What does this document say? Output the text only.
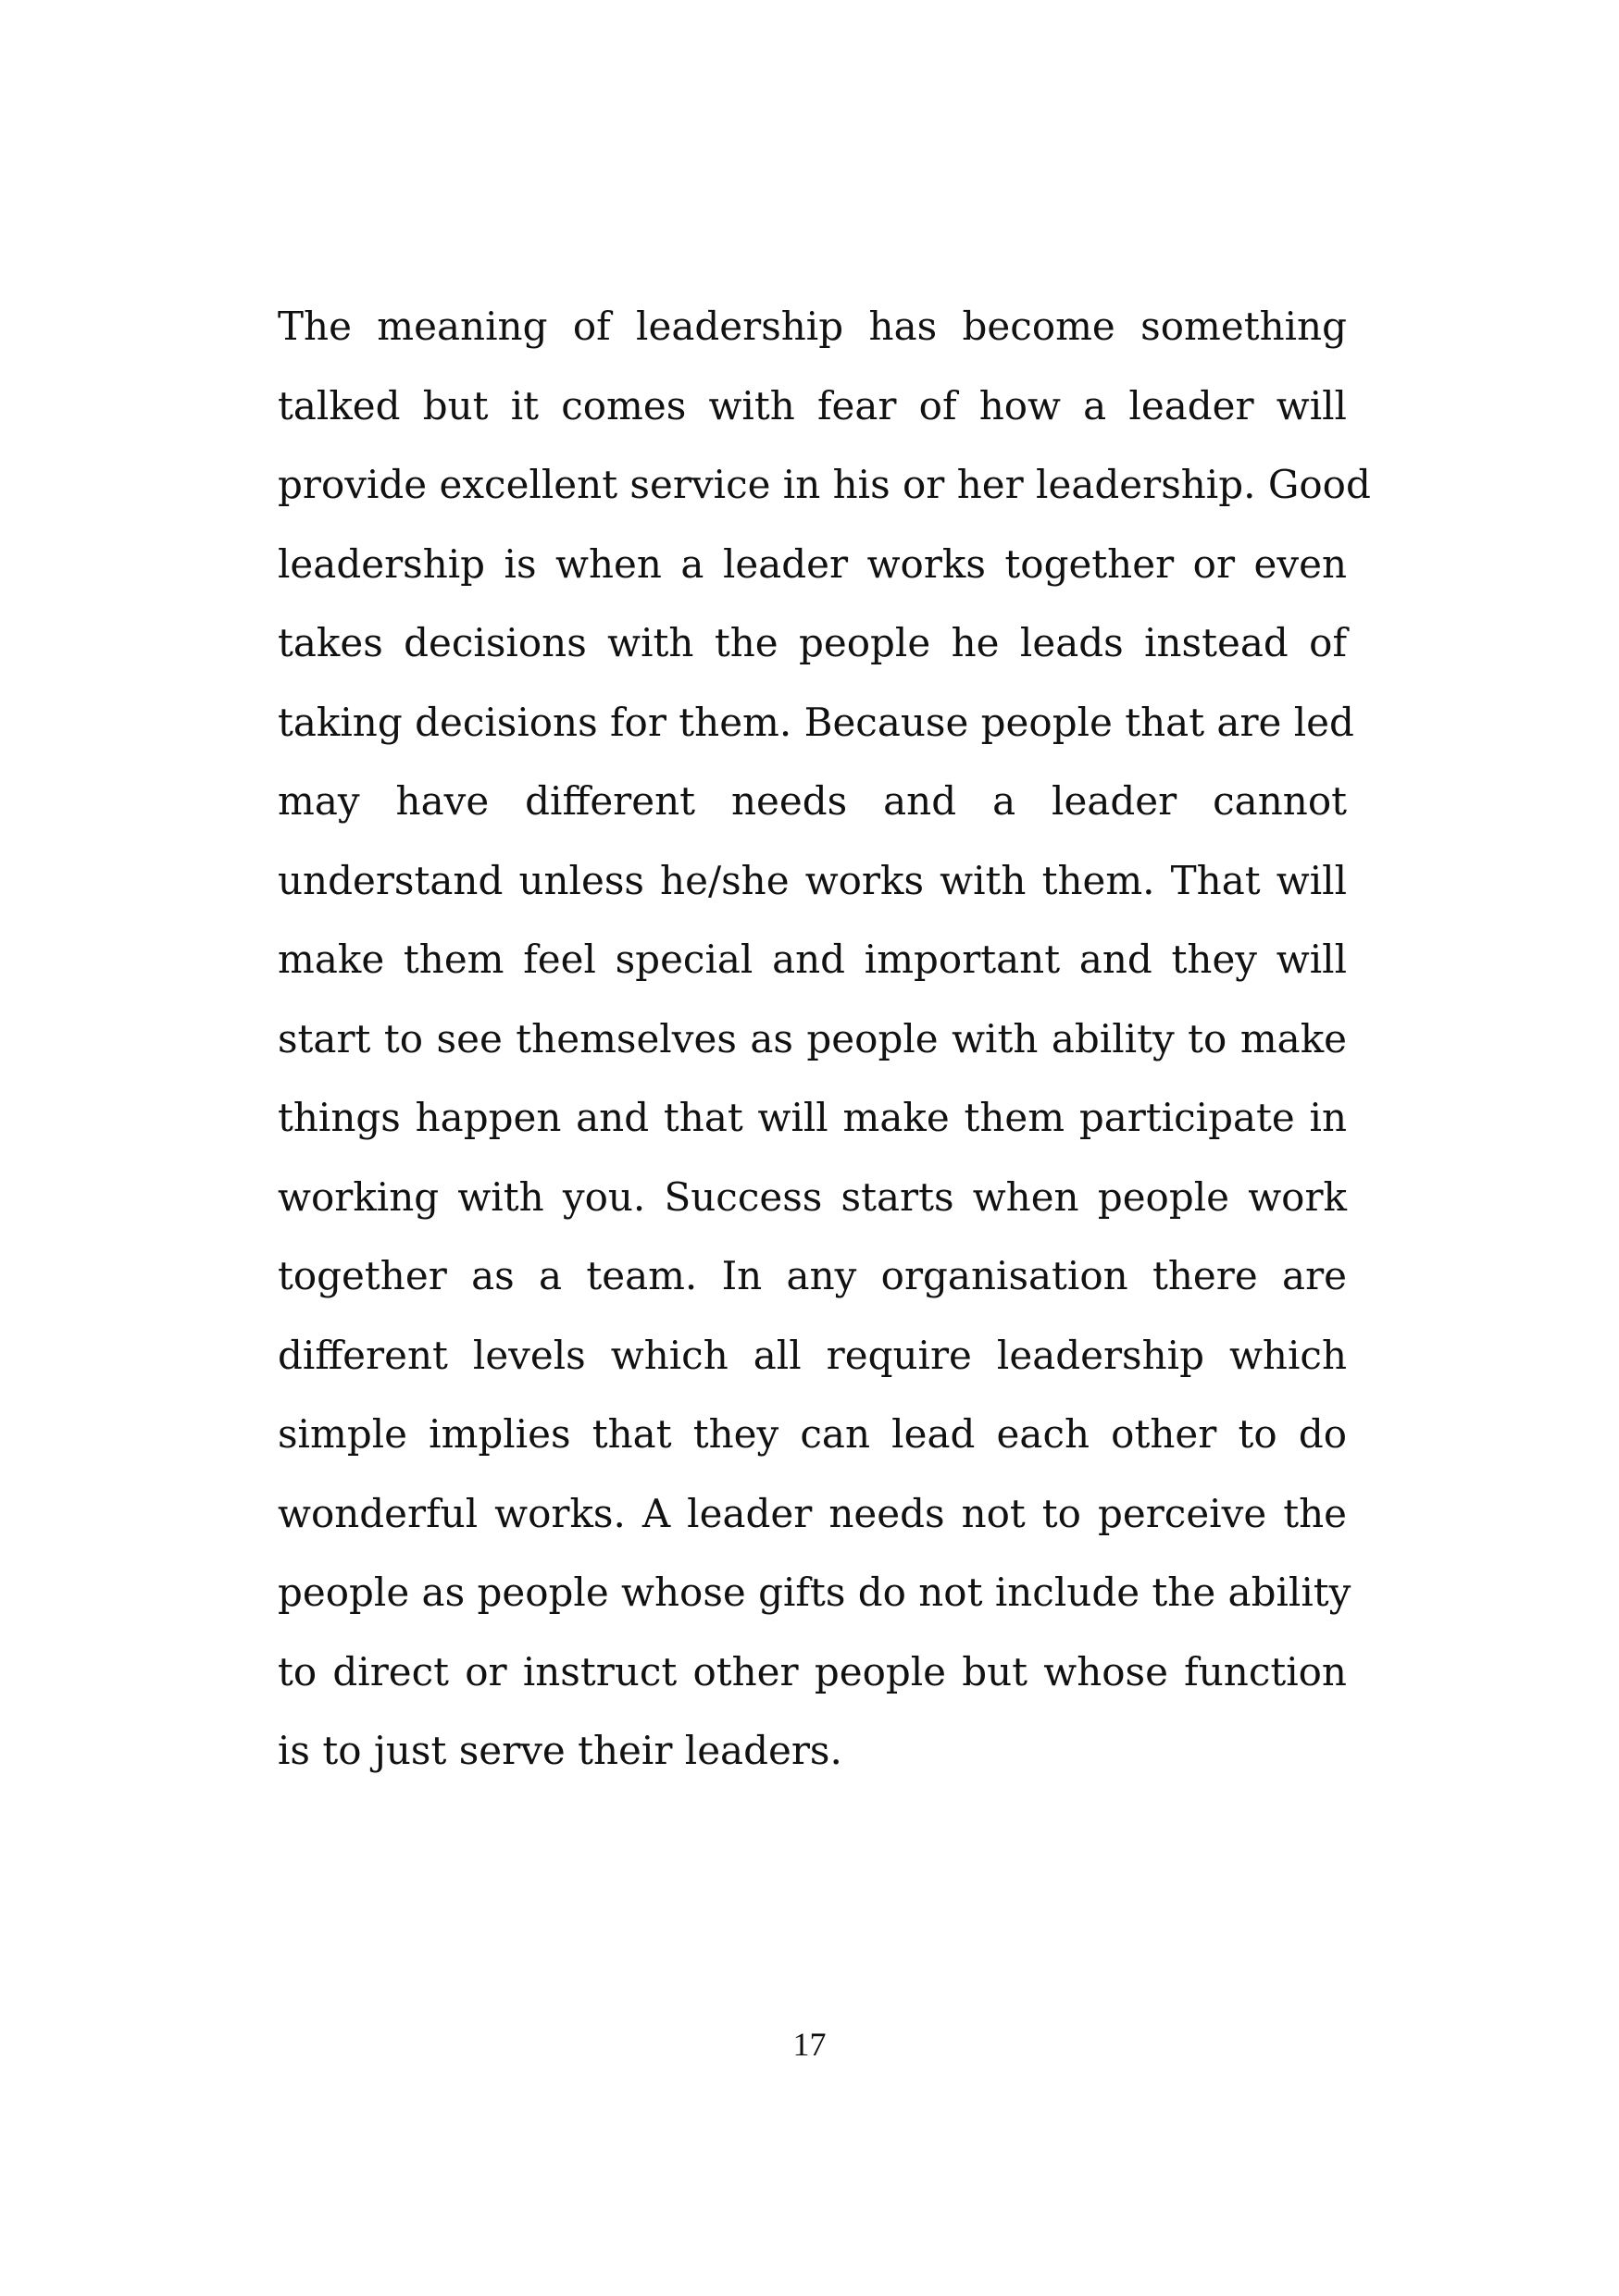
The meaning of leadership has become something
talked but it comes with fear of how a leader will
provide excellent service in his or her leadership. Good
leadership is when a leader works together or even
takes decisions with the people he leads instead of
taking decisions for them. Because people that are led
may have different needs and a leader cannot
understand unless he/she works with them. That will
make them feel special and important and they will
start to see themselves as people with ability to make
things happen and that will make them participate in
working with you. Success starts when people work
together as a team. In any organisation there are
different levels which all require leadership which
simple implies that they can lead each other to do
wonderful works. A leader needs not to perceive the
people as people whose gifts do not include the ability
to direct or instruct other people but whose function
is to just serve their leaders.

17
